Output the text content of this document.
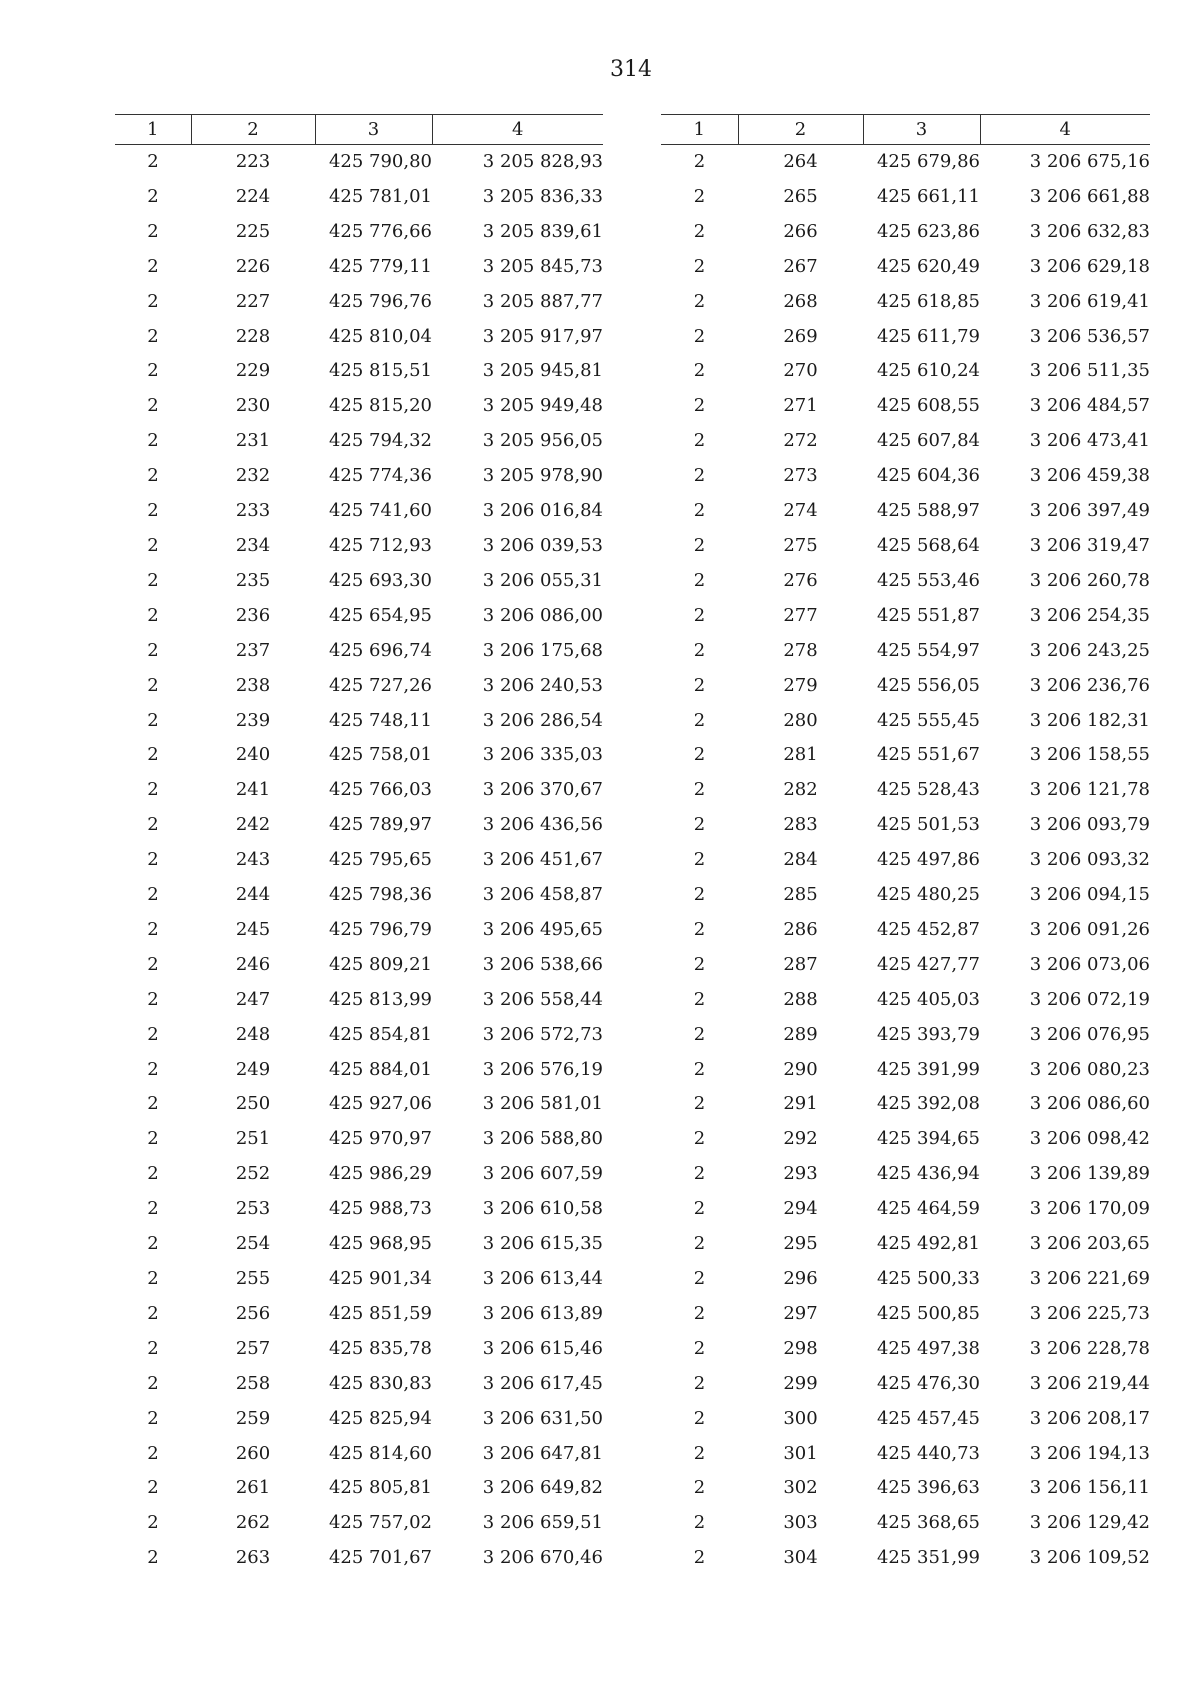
314
1	2	3	4
2	223	425 790,80	3 205 828,93
2	224	425 781,01	3 205 836,33
2	225	425 776,66	3 205 839,61
2	226	425 779,11	3 205 845,73
2	227	425 796,76	3 205 887,77
2	228	425 810,04	3 205 917,97
2	229	425 815,51	3 205 945,81
2	230	425 815,20	3 205 949,48
2	231	425 794,32	3 205 956,05
2	232	425 774,36	3 205 978,90
2	233	425 741,60	3 206 016,84
2	234	425 712,93	3 206 039,53
2	235	425 693,30	3 206 055,31
2	236	425 654,95	3 206 086,00
2	237	425 696,74	3 206 175,68
2	238	425 727,26	3 206 240,53
2	239	425 748,11	3 206 286,54
2	240	425 758,01	3 206 335,03
2	241	425 766,03	3 206 370,67
2	242	425 789,97	3 206 436,56
2	243	425 795,65	3 206 451,67
2	244	425 798,36	3 206 458,87
2	245	425 796,79	3 206 495,65
2	246	425 809,21	3 206 538,66
2	247	425 813,99	3 206 558,44
2	248	425 854,81	3 206 572,73
2	249	425 884,01	3 206 576,19
2	250	425 927,06	3 206 581,01
2	251	425 970,97	3 206 588,80
2	252	425 986,29	3 206 607,59
2	253	425 988,73	3 206 610,58
2	254	425 968,95	3 206 615,35
2	255	425 901,34	3 206 613,44
2	256	425 851,59	3 206 613,89
2	257	425 835,78	3 206 615,46
2	258	425 830,83	3 206 617,45
2	259	425 825,94	3 206 631,50
2	260	425 814,60	3 206 647,81
2	261	425 805,81	3 206 649,82
2	262	425 757,02	3 206 659,51
2	263	425 701,67	3 206 670,46
1	2	3	4
2	264	425 679,86	3 206 675,16
2	265	425 661,11	3 206 661,88
2	266	425 623,86	3 206 632,83
2	267	425 620,49	3 206 629,18
2	268	425 618,85	3 206 619,41
2	269	425 611,79	3 206 536,57
2	270	425 610,24	3 206 511,35
2	271	425 608,55	3 206 484,57
2	272	425 607,84	3 206 473,41
2	273	425 604,36	3 206 459,38
2	274	425 588,97	3 206 397,49
2	275	425 568,64	3 206 319,47
2	276	425 553,46	3 206 260,78
2	277	425 551,87	3 206 254,35
2	278	425 554,97	3 206 243,25
2	279	425 556,05	3 206 236,76
2	280	425 555,45	3 206 182,31
2	281	425 551,67	3 206 158,55
2	282	425 528,43	3 206 121,78
2	283	425 501,53	3 206 093,79
2	284	425 497,86	3 206 093,32
2	285	425 480,25	3 206 094,15
2	286	425 452,87	3 206 091,26
2	287	425 427,77	3 206 073,06
2	288	425 405,03	3 206 072,19
2	289	425 393,79	3 206 076,95
2	290	425 391,99	3 206 080,23
2	291	425 392,08	3 206 086,60
2	292	425 394,65	3 206 098,42
2	293	425 436,94	3 206 139,89
2	294	425 464,59	3 206 170,09
2	295	425 492,81	3 206 203,65
2	296	425 500,33	3 206 221,69
2	297	425 500,85	3 206 225,73
2	298	425 497,38	3 206 228,78
2	299	425 476,30	3 206 219,44
2	300	425 457,45	3 206 208,17
2	301	425 440,73	3 206 194,13
2	302	425 396,63	3 206 156,11
2	303	425 368,65	3 206 129,42
2	304	425 351,99	3 206 109,52
